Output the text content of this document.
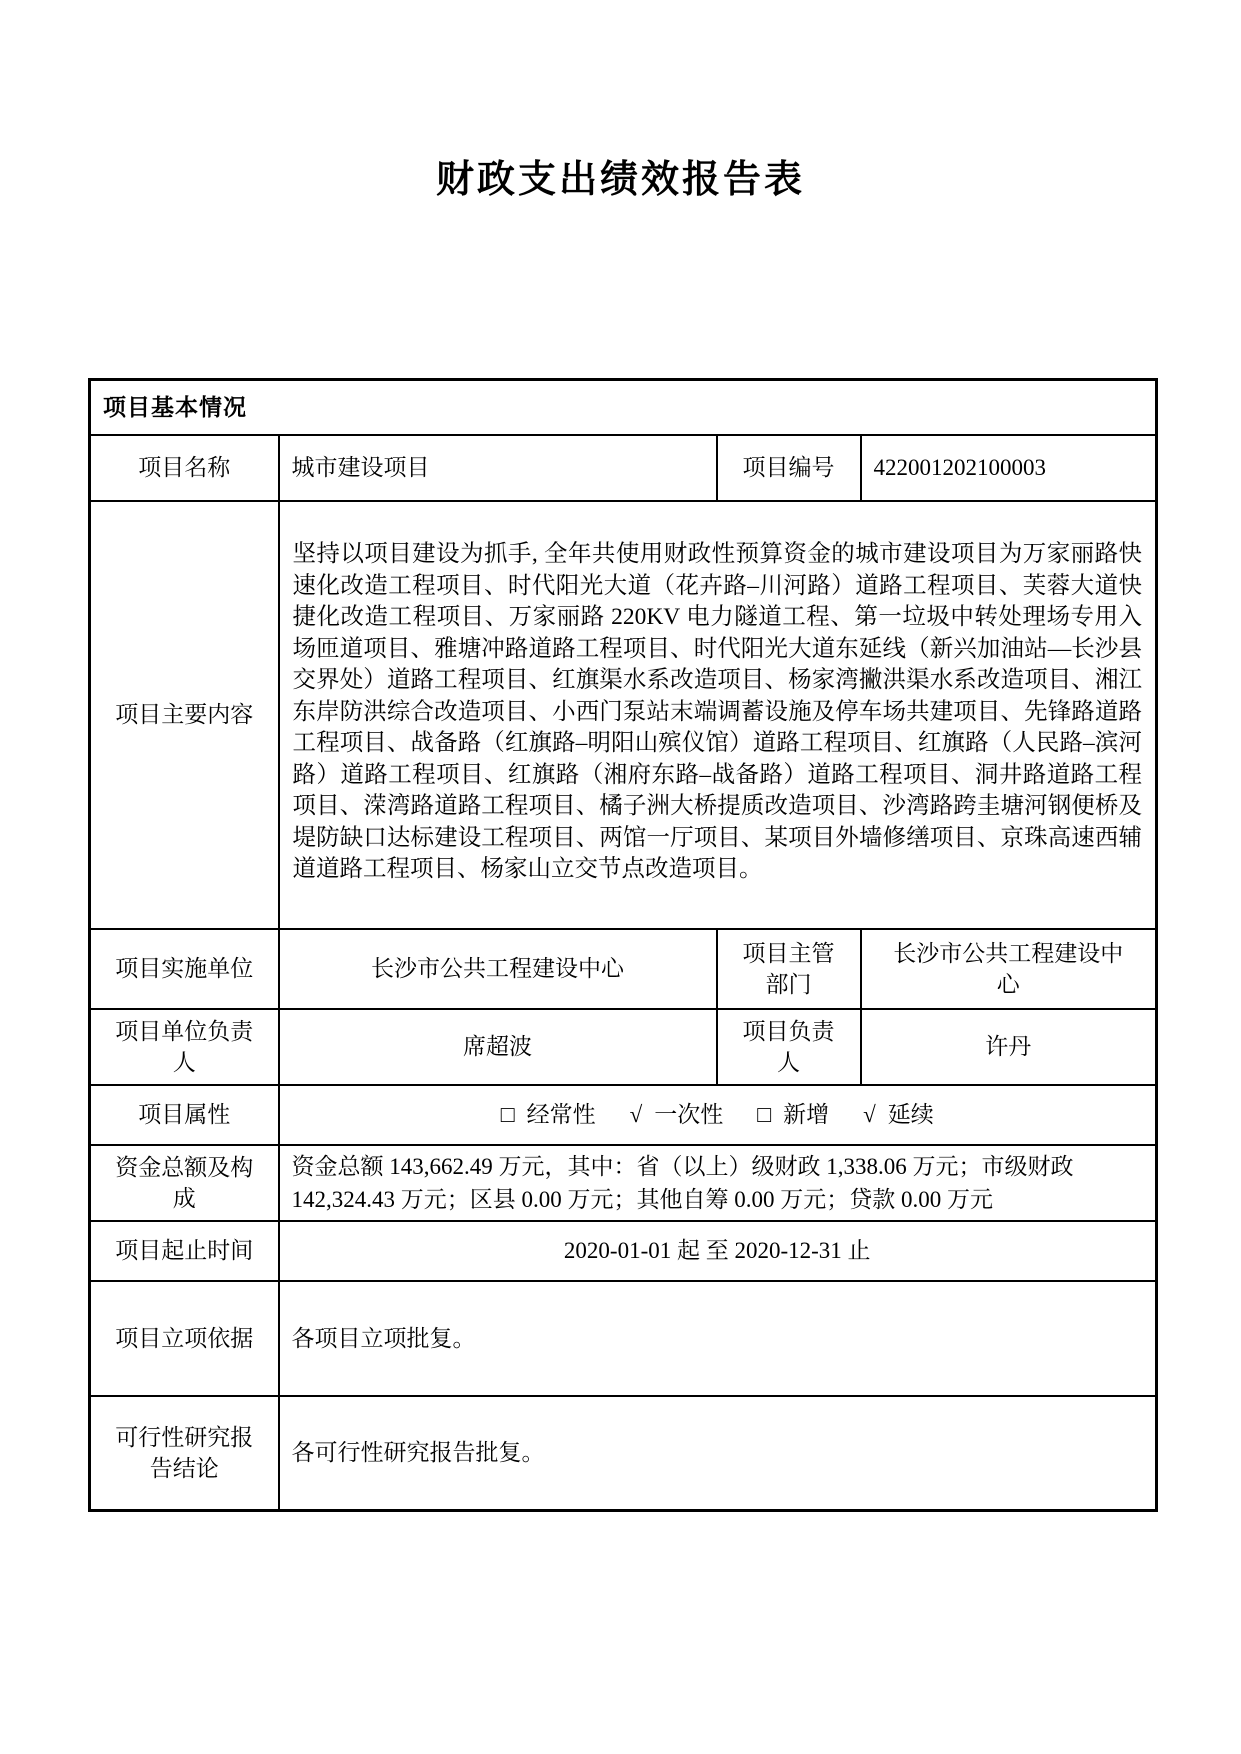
财政支出绩效报告表
项目基本情况			
项目名称	城市建设项目	项目编号	422001202100003
项目主要内容	坚持以项目建设为抓手, 全年共使用财政性预算资金的城市建设项目为万家丽路快速化改造工程项目、时代阳光大道（花卉路–川河路）道路工程项目、芙蓉大道快捷化改造工程项目、万家丽路 220KV 电力隧道工程、第一垃圾中转处理场专用入场匝道项目、雅塘冲路道路工程项目、时代阳光大道东延线（新兴加油站—长沙县交界处）道路工程项目、红旗渠水系改造项目、杨家湾撇洪渠水系改造项目、湘江东岸防洪综合改造项目、小西门泵站末端调蓄设施及停车场共建项目、先锋路道路工程项目、战备路（红旗路–明阳山殡仪馆）道路工程项目、红旗路（人民路–滨河路）道路工程项目、红旗路（湘府东路–战备路）道路工程项目、洞井路道路工程项目、溁湾路道路工程项目、橘子洲大桥提质改造项目、沙湾路跨圭塘河钢便桥及堤防缺口达标建设工程项目、两馆一厅项目、某项目外墙修缮项目、京珠高速西辅道道路工程项目、杨家山立交节点改造项目。		

项目实施单位	长沙市公共工程建设中心	项目主管部门	长沙市公共工程建设中心
项目单位负责人	席超波	项目负责人	许丹
项目属性	□ 经常性 √ 一次性 □ 新增 √ 延续		

资金总额及构成	资金总额 143,662.49 万元，其中：省（以上）级财政 1,338.06 万元；市级财政 142,324.43 万元；区县 0.00 万元；其他自筹 0.00 万元；贷款 0.00 万元		

项目起止时间	2020-01-01 起 至 2020-12-31 止		
项目立项依据	各项目立项批复。		
可行性研究报告结论	各可行性研究报告批复。		
